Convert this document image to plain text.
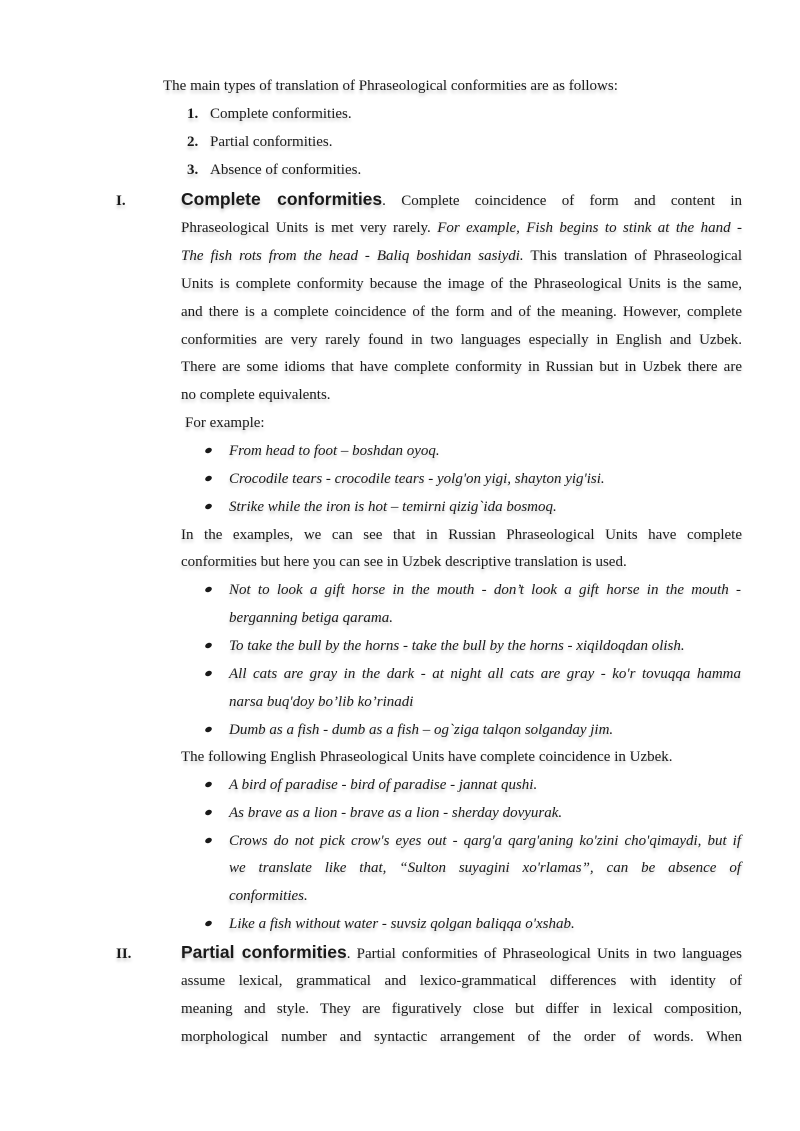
The main types of translation of Phraseological conformities are as follows:
1. Complete conformities.
2. Partial conformities.
3. Absence of conformities.
I.	Complete conformities. Complete coincidence of form and content in
Phraseological Units is met very rarely. For example, Fish begins to stink at the hand -
The fish rots from the head - Baliq boshidan sasiydi. This translation of Phraseological
Units is complete conformity because the image of the Phraseological Units is the same,
and there is a complete coincidence of the form and of the meaning. However, complete
conformities are very rarely found in two languages especially in English and Uzbek.
There are some idioms that have complete conformity in Russian but in Uzbek there are
no complete equivalents.
For example:
From head to foot – boshdan oyoq.
Crocodile tears - crocodile tears - yolg'on yigi, shayton yig'isi.
Strike while the iron is hot – temirni qizig`ida bosmoq.
In the examples, we can see that in Russian Phraseological Units have complete
conformities but here you can see in Uzbek descriptive translation is used.
Not to look a gift horse in the mouth - don’t look a gift horse in the mouth -
berganning betiga qarama.
To take the bull by the horns - take the bull by the horns - xiqildoqdan olish.
All cats are gray in the dark - at night all cats are gray - ko'r tovuqqa hamma
narsa buq'doy bo’lib ko’rinadi
Dumb as a fish - dumb as a fish – og`ziga talqon solganday jim.
The following English Phraseological Units have complete coincidence in Uzbek.
A bird of paradise - bird of paradise - jannat qushi.
As brave as a lion - brave as a lion - sherday dovyurak.
Crows do not pick crow's eyes out - qarg'a qarg'aning ko'zini cho'qimaydi, but if
we translate like that, “Sulton suyagini xo'rlamas”, can be absence of
conformities.
Like a fish without water - suvsiz qolgan baliqqa o'xshab.
II.	Partial conformities. Partial conformities of Phraseological Units in two languages
assume lexical, grammatical and lexico-grammatical differences with identity of
meaning and style. They are figuratively close but differ in lexical composition,
morphological number and syntactic arrangement of the order of words. When
